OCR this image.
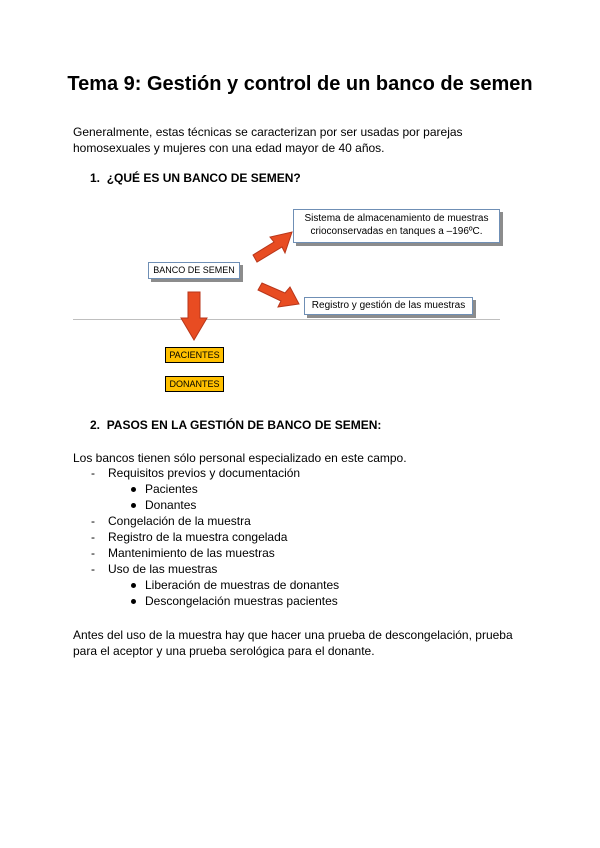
Tema 9: Gestión y control de un banco de semen
Generalmente, estas técnicas se caracterizan por ser usadas por parejas
homosexuales y mujeres con una edad mayor de 40 años.
1. ¿QUÉ ES UN BANCO DE SEMEN?
Sistema de almacenamiento de muestras
crioconservadas en tanques a –196ºC.
BANCO DE SEMEN
Registro y gestión de las muestras
PACIENTES
DONANTES
2. PASOS EN LA GESTIÓN DE BANCO DE SEMEN:
Los bancos tienen sólo personal especializado en este campo.
- Requisitos previos y documentación
Pacientes
Donantes
- Congelación de la muestra
- Registro de la muestra congelada
- Mantenimiento de las muestras
- Uso de las muestras
Liberación de muestras de donantes
Descongelación muestras pacientes
Antes del uso de la muestra hay que hacer una prueba de descongelación, prueba
para el aceptor y una prueba serológica para el donante.
